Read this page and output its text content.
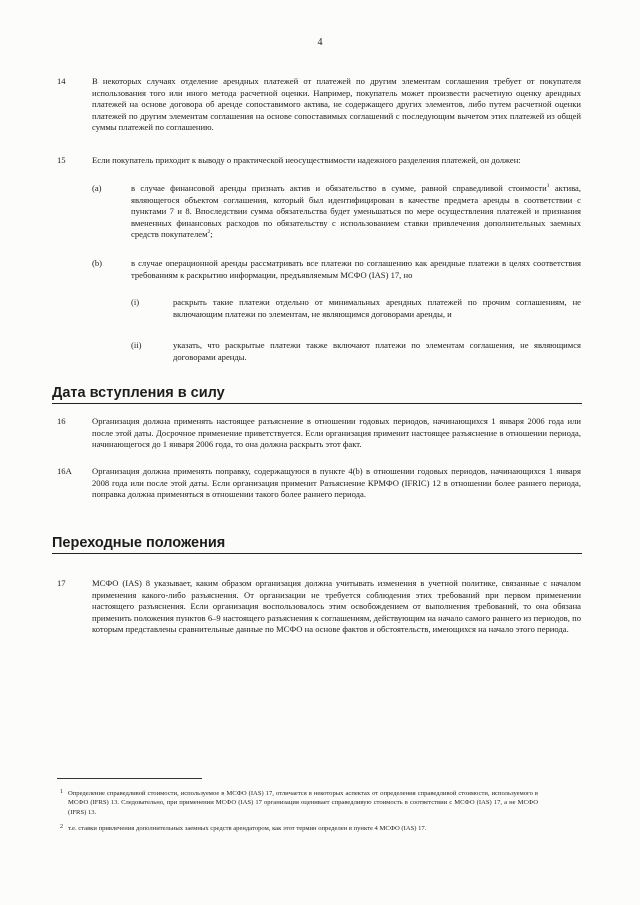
4
14	В некоторых случаях отделение арендных платежей от платежей по другим элементам соглашения требует от покупателя использования того или иного метода расчетной оценки. Например, покупатель может произвести расчетную оценку арендных платежей на основе договора об аренде сопоставимого актива, не содержащего других элементов, либо путем расчетной оценки платежей по другим элементам соглашения на основе сопоставимых соглашений с последующим вычетом этих платежей из общей суммы платежей по соглашению.
15	Если покупатель приходит к выводу о практической неосуществимости надежного разделения платежей, он должен:
(a)	в случае финансовой аренды признать актив и обязательство в сумме, равной справедливой стоимости$^1$ актива, являющегося объектом соглашения, который был идентифицирован в качестве предмета аренды в соответствии с пунктами 7 и 8. Впоследствии сумма обязательства будет уменьшаться по мере осуществления платежей и признания вмененных финансовых расходов по обязательству с использованием ставки привлечения дополнительных заемных средств покупателем$^2$;
(b)	в случае операционной аренды рассматривать все платежи по соглашению как арендные платежи в целях соответствия требованиям к раскрытию информации, предъявляемым МСФО (IAS) 17, но
(i)	раскрыть такие платежи отдельно от минимальных арендных платежей по прочим соглашениям, не включающим платежи по элементам, не являющимся договорами аренды, и
(ii)	указать, что раскрытые платежи также включают платежи по элементам соглашения, не являющимся договорами аренды.
Дата вступления в силу
16	Организация должна применять настоящее разъяснение в отношении годовых периодов, начинающихся 1 января 2006 года или после этой даты. Досрочное применение приветствуется. Если организация применит настоящее разъяснение в отношении периода, начинающегося до 1 января 2006 года, то она должна раскрыть этот факт.
16A Организация должна применять поправку, содержащуюся в пункте 4(b) в отношении годовых периодов, начинающихся 1 января 2008 года или после этой даты. Если организация применит Разъяснение КРМФО (IFRIC) 12 в отношении более раннего периода, поправка должна применяться в отношении такого более раннего периода.
Переходные положения
17	МСФО (IAS) 8 указывает, каким образом организация должна учитывать изменения в учетной политике, связанные с началом применения какого-либо разъяснения. От организации не требуется соблюдения этих требований при первом применении настоящего разъяснения. Если организация воспользовалось этим освобождением от выполнения требований, то она обязана применить положения пунктов 6–9 настоящего разъяснения к соглашениям, действующим на начало самого раннего из периодов, по которым представлены сравнительные данные по МСФО на основе фактов и обстоятельств, имеющихся на начало этого периода.
1 Определение справедливой стоимости, используемое в МСФО (IAS) 17, отличается в некоторых аспектах от определения справедливой стоимости, используемого в МСФО (IFRS) 13. Следовательно, при применении МСФО (IAS) 17 организация оценивает справедливую стоимость в соответствии с МСФО (IAS) 17, а не МСФО (IFRS) 13.
2 т.е. ставки привлечения дополнительных заемных средств арендатором, как этот термин определен в пункте 4 МСФО (IAS) 17.
